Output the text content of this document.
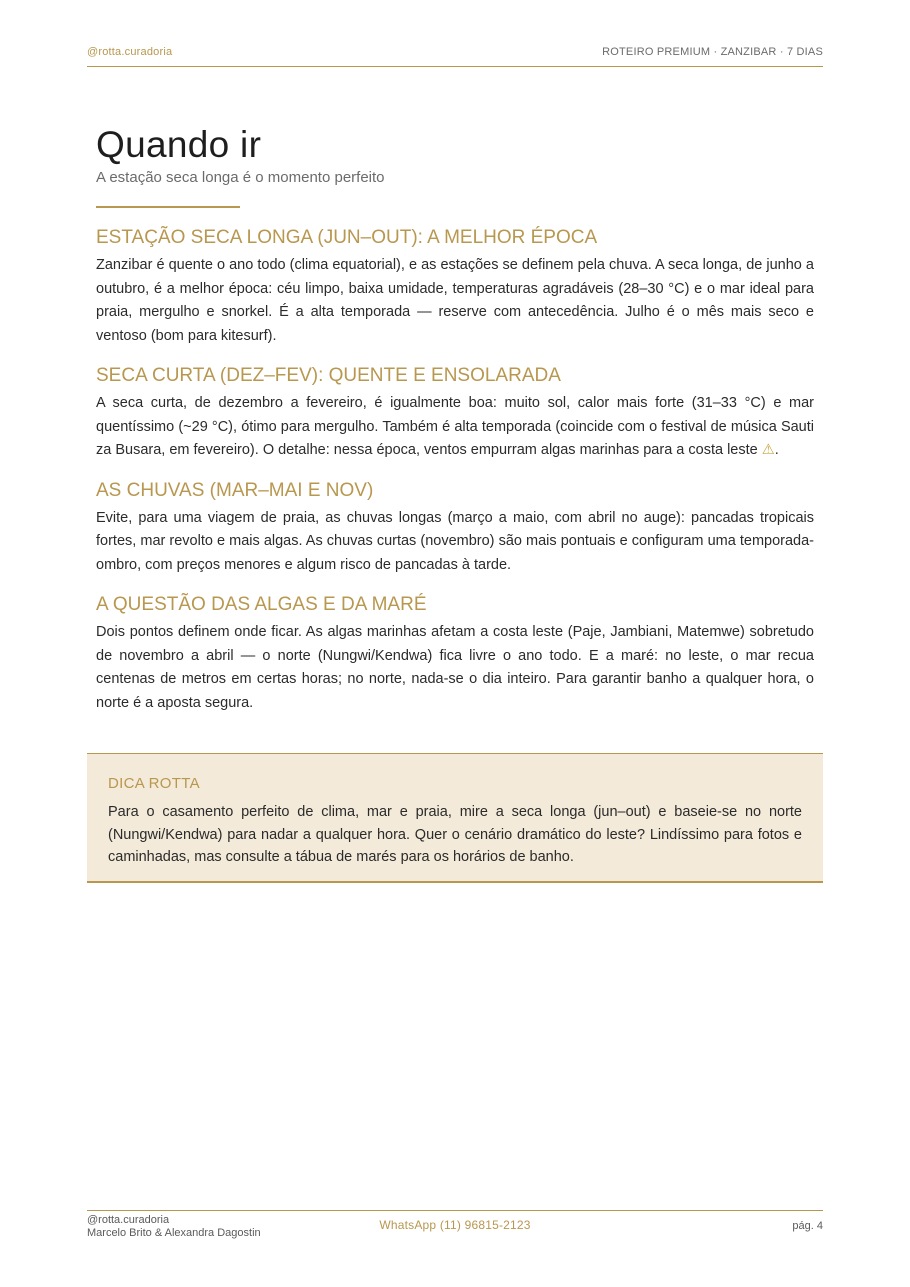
@rotta.curadoria	ROTEIRO PREMIUM · ZANZIBAR · 7 DIAS
Quando ir

A estação seca longa é o momento perfeito

ESTAÇÃO SECA LONGA (JUN–OUT): A MELHOR ÉPOCA

Zanzibar é quente o ano todo (clima equatorial), e as estações se definem pela chuva. A seca longa, de junho a outubro, é a melhor época: céu limpo, baixa umidade, temperaturas agradáveis (28–30 °C) e o mar ideal para praia, mergulho e snorkel. É a alta temporada — reserve com antecedência. Julho é o mês mais seco e ventoso (bom para kitesurf).

SECA CURTA (DEZ–FEV): QUENTE E ENSOLARADA

A seca curta, de dezembro a fevereiro, é igualmente boa: muito sol, calor mais forte (31–33 °C) e mar quentíssimo (~29 °C), ótimo para mergulho. Também é alta temporada (coincide com o festival de música Sauti za Busara, em fevereiro). O detalhe: nessa época, ventos empurram algas marinhas para a costa leste ⚠.

AS CHUVAS (MAR–MAI E NOV)

Evite, para uma viagem de praia, as chuvas longas (março a maio, com abril no auge): pancadas tropicais fortes, mar revolto e mais algas. As chuvas curtas (novembro) são mais pontuais e configuram uma temporada-ombro, com preços menores e algum risco de pancadas à tarde.

A QUESTÃO DAS ALGAS E DA MARÉ

Dois pontos definem onde ficar. As algas marinhas afetam a costa leste (Paje, Jambiani, Matemwe) sobretudo de novembro a abril — o norte (Nungwi/Kendwa) fica livre o ano todo. E a maré: no leste, o mar recua centenas de metros em certas horas; no norte, nada-se o dia inteiro. Para garantir banho a qualquer hora, o norte é a aposta segura.

DICA ROTTA

Para o casamento perfeito de clima, mar e praia, mire a seca longa (jun–out) e baseie-se no norte (Nungwi/Kendwa) para nadar a qualquer hora. Quer o cenário dramático do leste? Lindíssimo para fotos e caminhadas, mas consulte a tábua de marés para os horários de banho.

@rotta.curadoria
Marcelo Brito & Alexandra Dagostin
WhatsApp (11) 96815-2123	pág. 4
